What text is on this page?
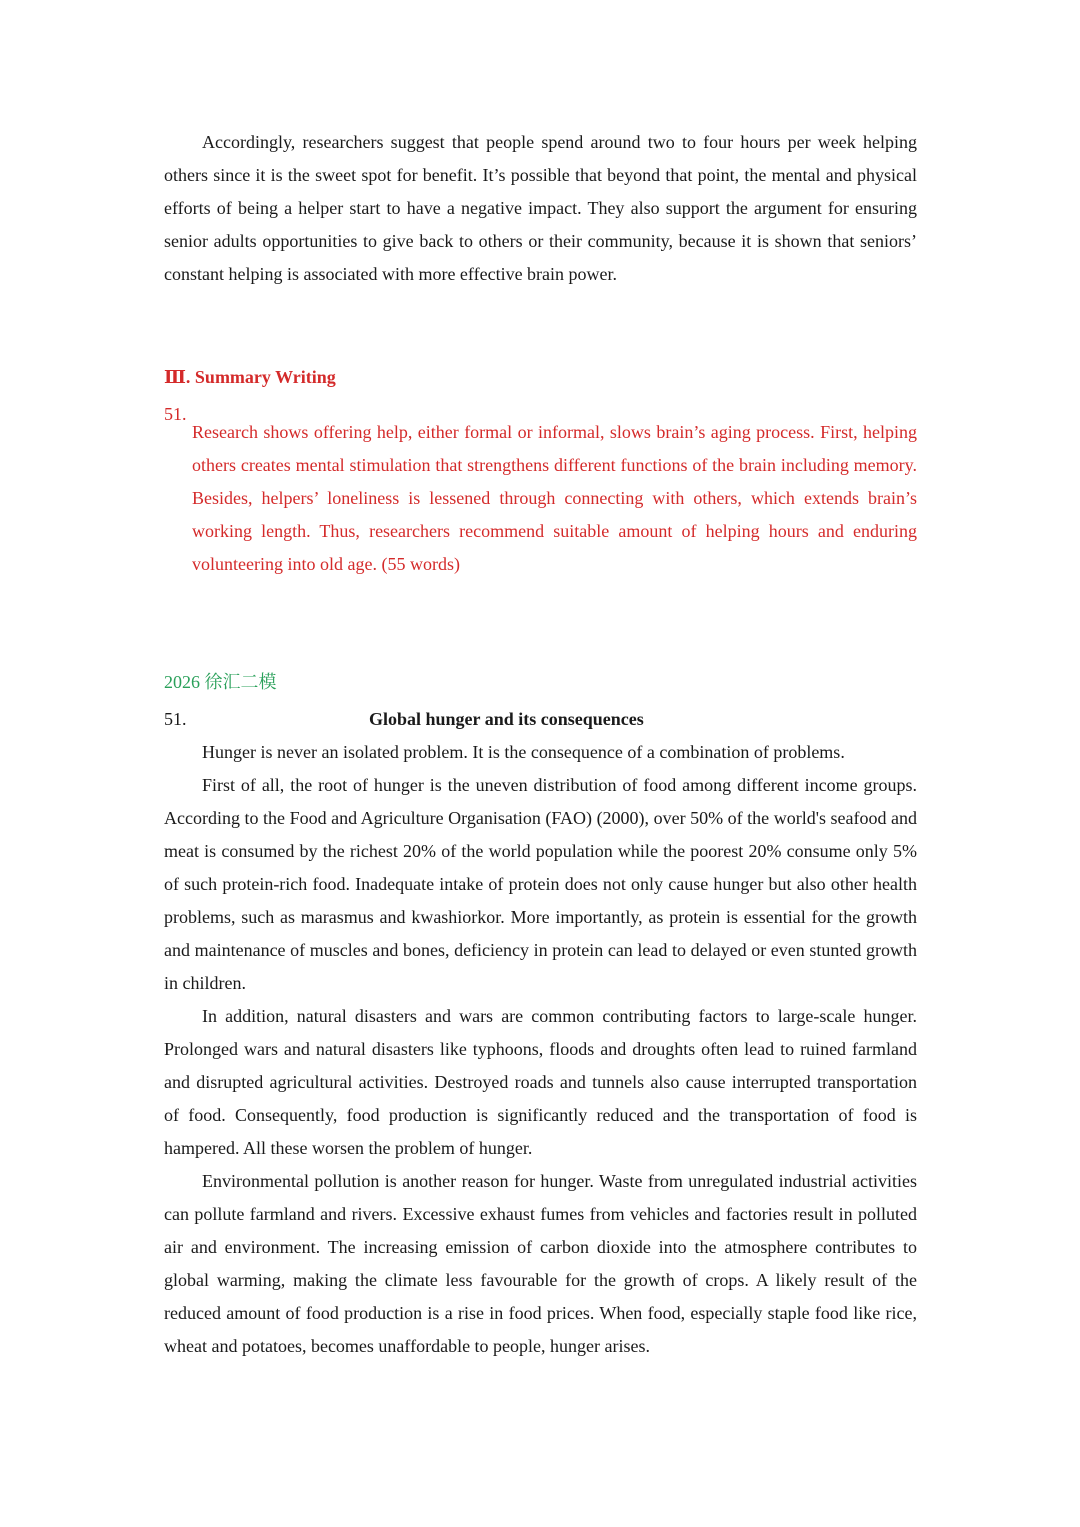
Accordingly, researchers suggest that people spend around two to four hours per week helping others since it is the sweet spot for benefit. It’s possible that beyond that point, the mental and physical efforts of being a helper start to have a negative impact. They also support the argument for ensuring senior adults opportunities to give back to others or their community, because it is shown that seniors’ constant helping is associated with more effective brain power.

Ⅲ. Summary Writing
51.

Research shows offering help, either formal or informal, slows brain’s aging process. First, helping others creates mental stimulation that strengthens different functions of the brain including memory. Besides, helpers’ loneliness is lessened through connecting with others, which extends brain’s working length. Thus, researchers recommend suitable amount of helping hours and enduring volunteering into old age. (55 words)

2026 徐汇二模
51.	Global hunger and its consequences

Hunger is never an isolated problem. It is the consequence of a combination of problems.

First of all, the root of hunger is the uneven distribution of food among different income groups. According to the Food and Agriculture Organisation (FAO) (2000), over 50% of the world's seafood and meat is consumed by the richest 20% of the world population while the poorest 20% consume only 5% of such protein-rich food. Inadequate intake of protein does not only cause hunger but also other health problems, such as marasmus and kwashiorkor. More importantly, as protein is essential for the growth and maintenance of muscles and bones, deficiency in protein can lead to delayed or even stunted growth in children.

In addition, natural disasters and wars are common contributing factors to large-scale hunger. Prolonged wars and natural disasters like typhoons, floods and droughts often lead to ruined farmland and disrupted agricultural activities. Destroyed roads and tunnels also cause interrupted transportation of food. Consequently, food production is significantly reduced and the transportation of food is hampered. All these worsen the problem of hunger.

Environmental pollution is another reason for hunger. Waste from unregulated industrial activities can pollute farmland and rivers. Excessive exhaust fumes from vehicles and factories result in polluted air and environment. The increasing emission of carbon dioxide into the atmosphere contributes to global warming, making the climate less favourable for the growth of crops. A likely result of the reduced amount of food production is a rise in food prices. When food, especially staple food like rice, wheat and potatoes, becomes unaffordable to people, hunger arises.
